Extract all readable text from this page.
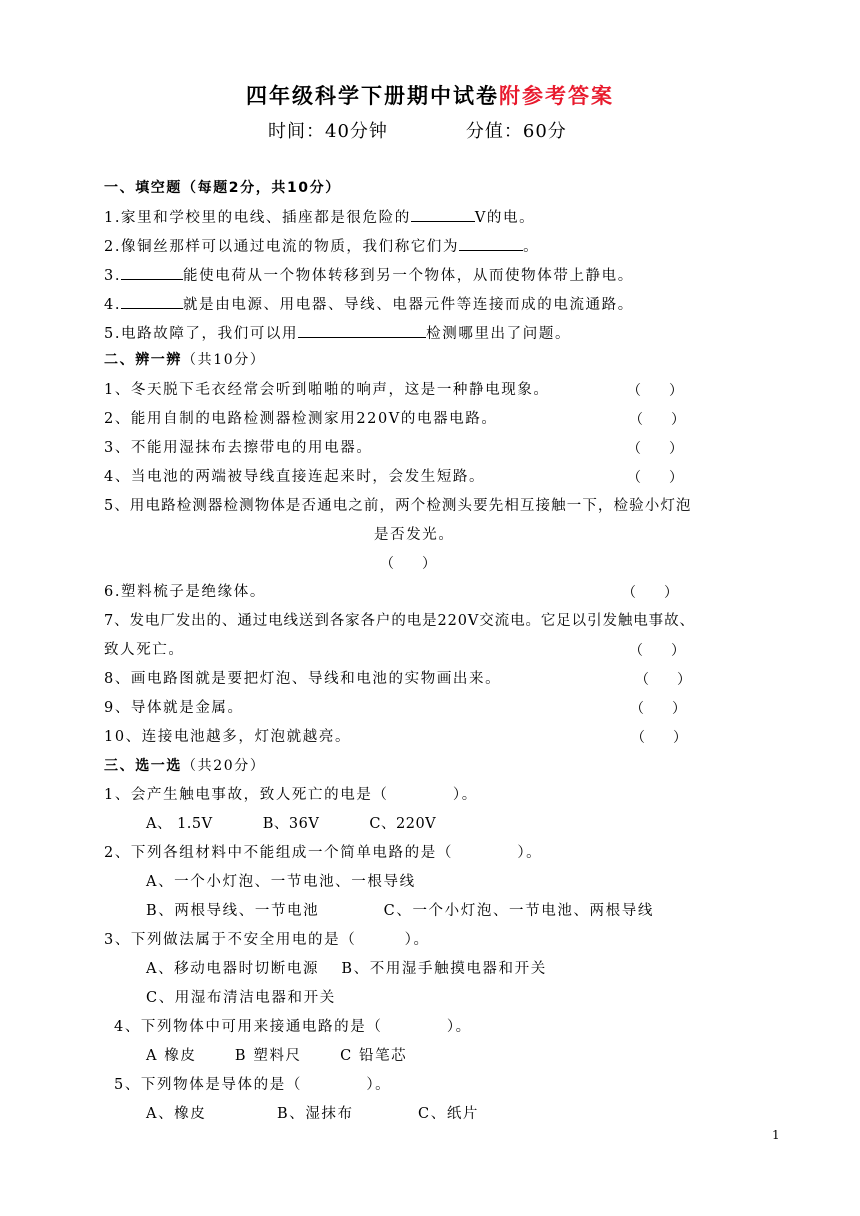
四年级科学下册期中试卷附参考答案
时间：40分钟	分值：60分
一、填空题（每题2分，共10分）
1.家里和学校里的电线、插座都是很危险的	V的电。
2.像铜丝那样可以通过电流的物质，我们称它们为	。
3.	能使电荷从一个物体转移到另一个物体，从而使物体带上静电。
4.	就是由电源、用电器、导线、电器元件等连接而成的电流通路。
5.电路故障了，我们可以用	检测哪里出了问题。
二、辨一辨（共10分）
1、冬天脱下毛衣经常会听到啪啪的响声，这是一种静电现象。	（　　）
2、能用自制的电路检测器检测家用220V的电器电路。	（　　）
3、不能用湿抹布去擦带电的用电器。	（　　）
4、当电池的两端被导线直接连起来时，会发生短路。	（　　）
5、用电路检测器检测物体是否通电之前，两个检测头要先相互接触一下，检验小灯泡
是否发光。
（　　）
6.塑料梳子是绝缘体。	（　　）
7、发电厂发出的、通过电线送到各家各户的电是220V交流电。它足以引发触电事故、
致人死亡。	（　　）
8、画电路图就是要把灯泡、导线和电池的实物画出来。	（　　）
9、导体就是金属。	（　　）
10、连接电池越多，灯泡就越亮。	（　　）
三、选一选（共20分）
1、会产生触电事故，致人死亡的电是（　　　　）。
A、 1.5V　　　 B、36V　　　 C、220V
2、下列各组材料中不能组成一个简单电路的是（　　　　）。
A、一个小灯泡、一节电池、一根导线
B、两根导线、一节电池　　　　C、一个小灯泡、一节电池、两根导线
3、下列做法属于不安全用电的是（　　　）。
A、移动电器时切断电源　 B、不用湿手触摸电器和开关
C、用湿布清洁电器和开关
4、下列物体中可用来接通电路的是（　　　　）。
A 橡皮　　 B 塑料尺　　 C 铅笔芯
5、下列物体是导体的是（　　　　）。
A、橡皮　　　　 B、湿抹布　　　　C、纸片
1
